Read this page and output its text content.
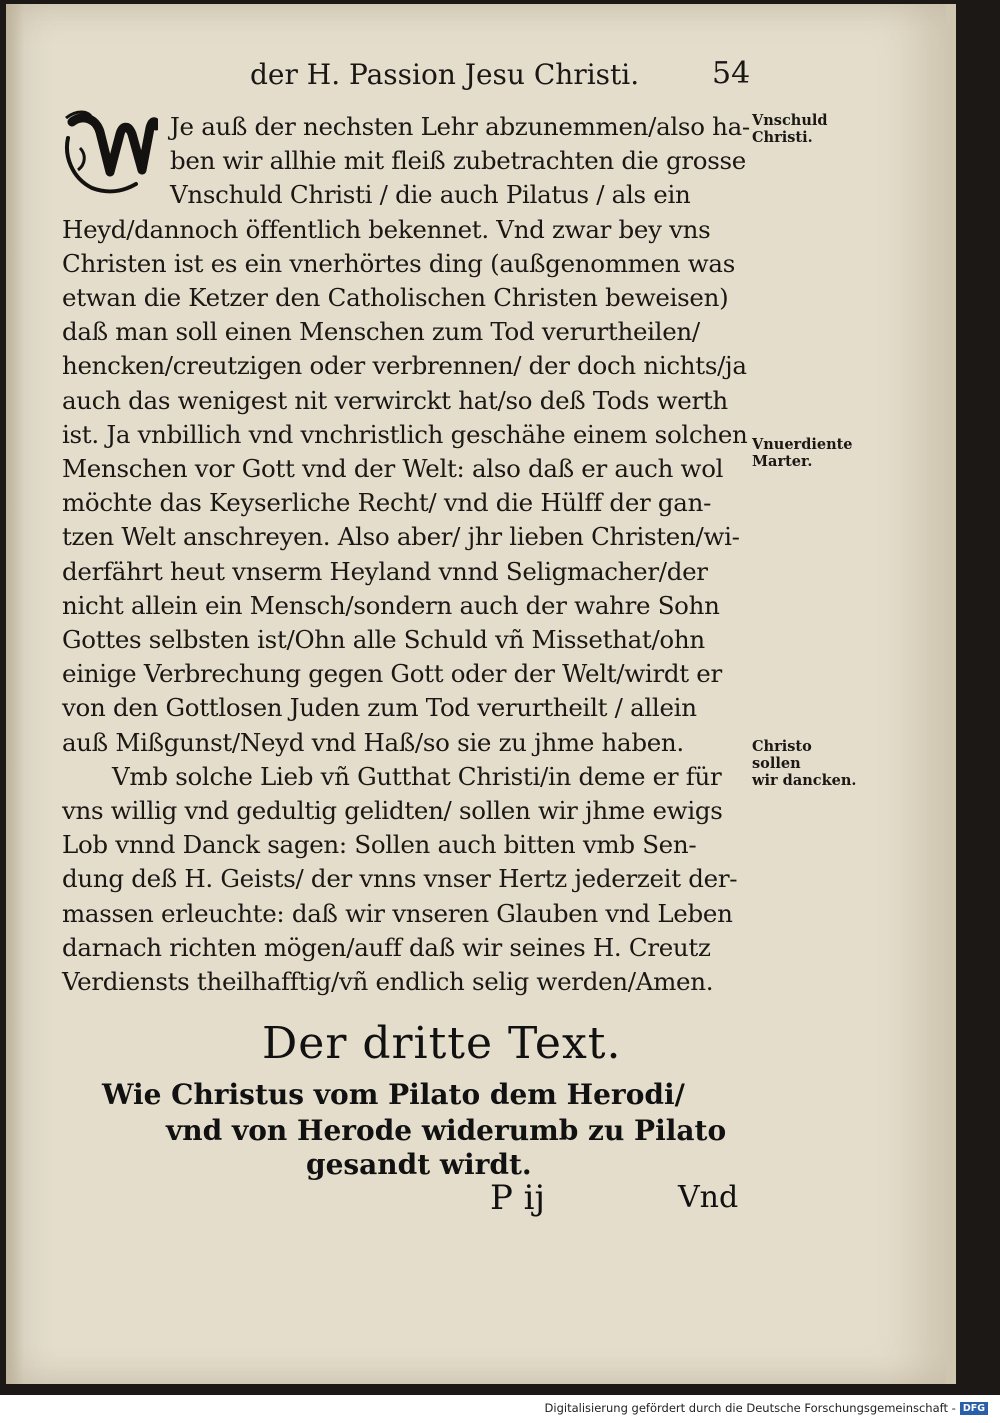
der H. Passion Jesu Christi.	54
Je auß der nechsten Lehr abzunemmen/also ha-
ben wir allhie mit fleiß zubetrachten die grosse
Vnschuld Christi / die auch Pilatus / als ein
Heyd/dannoch öffentlich bekennet. Vnd zwar bey vns
Christen ist es ein vnerhörtes ding (außgenommen was
etwan die Ketzer den Catholischen Christen beweisen)
daß man soll einen Menschen zum Tod verurtheilen/
hencken/creutzigen oder verbrennen/ der doch nichts/ja
auch das wenigest nit verwirckt hat/so deß Tods werth
ist. Ja vnbillich vnd vnchristlich geschähe einem solchen
Menschen vor Gott vnd der Welt: also daß er auch wol
möchte das Keyserliche Recht/ vnd die Hülff der gan-
tzen Welt anschreyen. Also aber/ jhr lieben Christen/wi-
derfährt heut vnserm Heyland vnnd Seligmacher/der
nicht allein ein Mensch/sondern auch der wahre Sohn
Gottes selbsten ist/Ohn alle Schuld vñ Missethat/ohn
einige Verbrechung gegen Gott oder der Welt/wirdt er
von den Gottlosen Juden zum Tod verurtheilt / allein
auß Mißgunst/Neyd vnd Haß/so sie zu jhme haben.
Vmb solche Lieb vñ Gutthat Christi/in deme er für
vns willig vnd gedultig gelidten/ sollen wir jhme ewigs
Lob vnnd Danck sagen: Sollen auch bitten vmb Sen-
dung deß H. Geists/ der vnns vnser Hertz jederzeit der-
massen erleuchte: daß wir vnseren Glauben vnd Leben
darnach richten mögen/auff daß wir seines H. Creutz
Verdiensts theilhafftig/vñ endlich selig werden/Amen.
Vnschuld
Christi.
Vnuerdiente
Marter.
Christo sollen
wir dancken.
Der dritte Text.
Wie Christus vom Pilato dem Herodi/
vnd von Herode widerumb zu Pilato
gesandt wirdt.
P ij	Vnd
Digitalisierung gefördert durch die Deutsche Forschungsgemeinschaft - DFG
